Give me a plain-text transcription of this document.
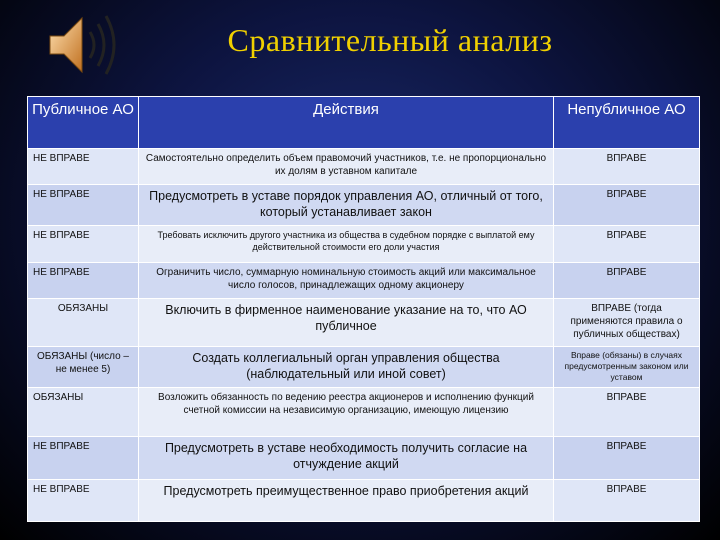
Сравнительный анализ
Публичное АО	Действия	Непубличное АО
НЕ ВПРАВЕ	Самостоятельно определить объем правомочий участников, т.е. не пропорционально их долям в уставном капитале	ВПРАВЕ
НЕ ВПРАВЕ	Предусмотреть в уставе порядок управления АО, отличный от того, который устанавливает закон	ВПРАВЕ
НЕ ВПРАВЕ	Требовать исключить другого участника из общества в судебном порядке с выплатой ему действительной стоимости его доли участия	ВПРАВЕ
НЕ ВПРАВЕ	Ограничить число, суммарную номинальную стоимость акций или максимальное число голосов, принадлежащих одному акционеру	ВПРАВЕ
ОБЯЗАНЫ	Включить в фирменное наименование указание на то, что АО публичное	ВПРАВЕ (тогда применяются правила о публичных обществах)
ОБЯЗАНЫ (число – не менее 5)	Создать коллегиальный орган управления общества (наблюдательный или иной совет)	Вправе (обязаны) в случаях предусмотренным законом или уставом
ОБЯЗАНЫ	Возложить обязанность по ведению реестра акционеров и исполнению функций счетной комиссии на независимую организацию, имеющую лицензию	ВПРАВЕ
НЕ ВПРАВЕ	Предусмотреть в уставе необходимость получить согласие на отчуждение акций	ВПРАВЕ
НЕ ВПРАВЕ	Предусмотреть преимущественное право приобретения акций	ВПРАВЕ
